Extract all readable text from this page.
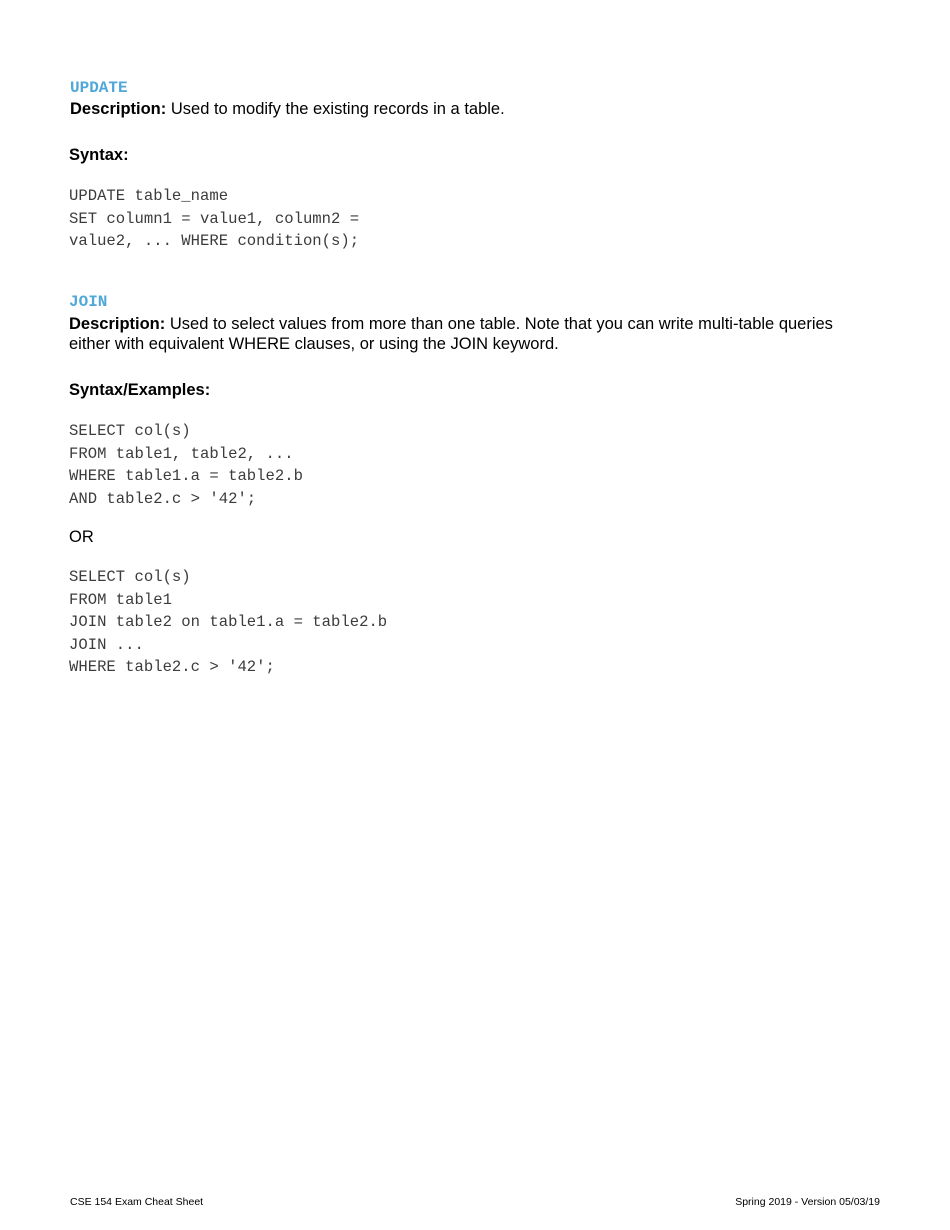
UPDATE

Description: Used to modify the existing records in a table.

Syntax:
UPDATE table_name
SET column1 = value1, column2 =
value2, ... WHERE condition(s);
JOIN

Description: Used to select values from more than one table. Note that you can write multi-table queries either with equivalent WHERE clauses, or using the JOIN keyword.

Syntax/Examples:
SELECT col(s)
FROM table1, table2, ...
WHERE table1.a = table2.b
AND table2.c > '42';

OR

SELECT col(s)
FROM table1
JOIN table2 on table1.a = table2.b
JOIN ...
WHERE table2.c > '42';
CSE 154 Exam Cheat Sheet	Spring 2019 - Version 05/03/19
